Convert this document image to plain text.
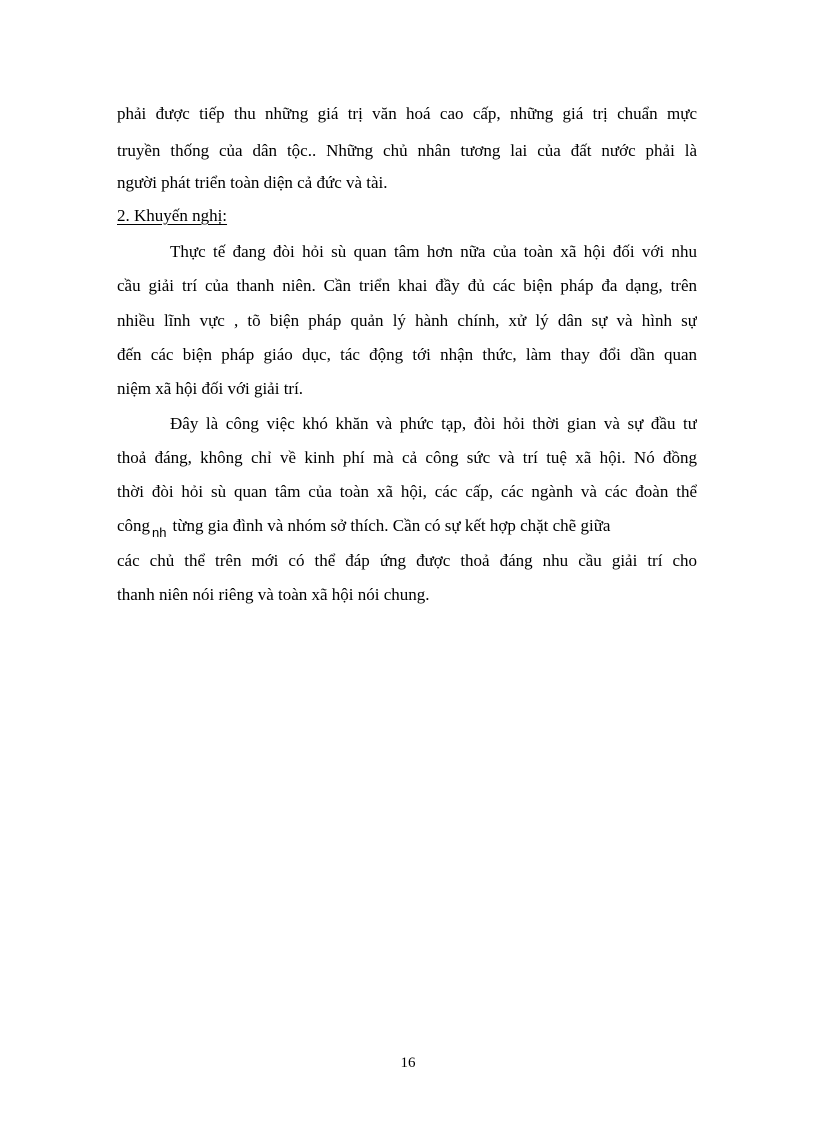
phải được tiếp thu những giá trị văn hoá cao cấp, những giá trị chuẩn mực
truyền thống của dân tộc.. Những chủ nhân tương lai của đất nước phải là
người phát triển toàn diện cả đức và tài.
2. Khuyến nghị:
Thực tế đang đòi hỏi sù quan tâm hơn nữa của toàn xã hội đối với nhu
cầu giải trí của thanh niên. Cần triển khai đầy đủ các biện pháp đa dạng, trên
nhiều lĩnh vực , tõ biện pháp quản lý hành chính, xử lý dân sự và hình sự
đến các biện pháp giáo dục, tác động tới nhận thức, làm thay đổi dần quan
niệm xã hội đối với giải trí.
Đây là công việc khó khăn và phức tạp, đòi hỏi thời gian và sự đầu tư
thoả đáng, không chỉ về kinh phí mà cả công sức và trí tuệ xã hội. Nó đồng
thời đòi hỏi sù quan tâm của toàn xã hội, các cấp, các ngành và các đoàn thể
công $_{nh}$ từng gia đình và nhóm sở thích. Cần có sự kết hợp chặt chẽ giữa
các chủ thể trên mới có thể đáp ứng được thoả đáng nhu cầu giải trí cho
thanh niên nói riêng và toàn xã hội nói chung.
16
